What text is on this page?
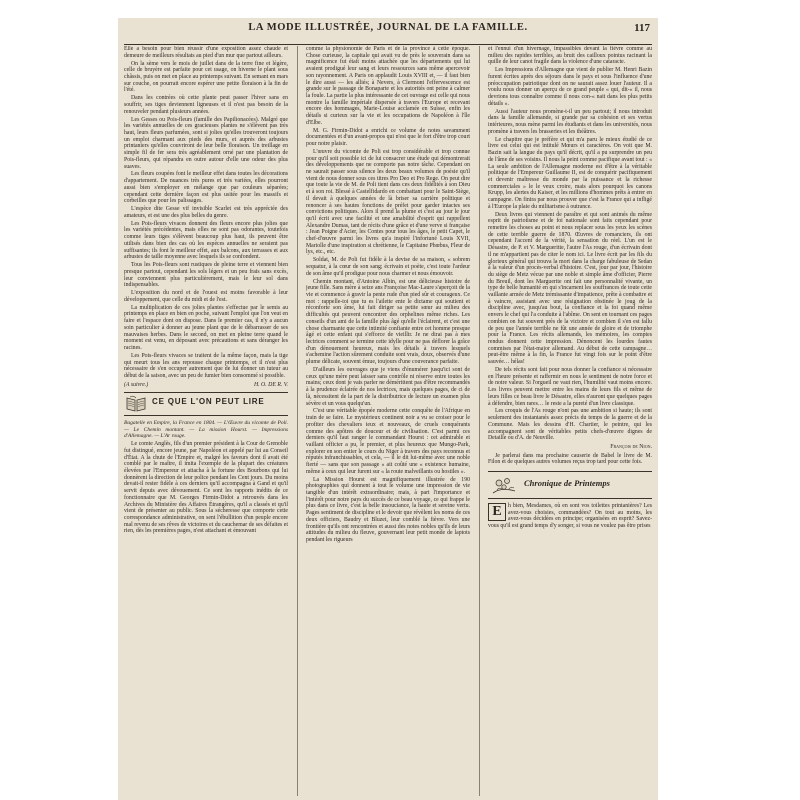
LA MODE ILLUSTRÉE, JOURNAL DE LA FAMILLE.	117

Elle a besoin pour bien réussir d'une exposition assez chaude et demeure de meilleurs résultats au pied d'un mur que partout ailleurs.

On la sème vers le mois de juillet dans de la terre fine et légère, celle de bruyère est parfaite pour cet usage, on hiverne le plant sous châssis, puis on met en place au printemps suivant. En semant en mars sur couche, on pourrait encore espérer une petite floraison à la fin de l'été.

Dans les contrées où cette plante peut passer l'hiver sans en souffrir, ses tiges deviennent ligneuses et il n'est pas besoin de la renouveler pendant plusieurs années.

Les Gesses ou Pois-fleurs (famille des Papilionacées). Malgré que les variétés annuelles de ces gracieuses plantes ne s'élèvent pas très haut, leurs fleurs parfumées, sont si jolies qu'elles trouveront toujours un emploi charmant aux pieds des murs, et auprès des arbustes printaniers qu'elles couvriront de leur belle floraison. Un treillage en simple fil de fer sera très agréablement orné par une plantation de Pois-fleurs, qui répandra en outre autour d'elle une odeur des plus suaves.

Les fleurs coupées font le meilleur effet dans toutes les décorations d'appartement. De nuances très pures et très variées, elles pourront aussi bien s'employer en mélange que par couleurs séparées; cependant cette dernière façon est plus usitée pour les massifs et corbeilles que pour les palissages.

L'espèce dite Gesse vif invisible Scarlet est très appréciée des amateurs, et est une des plus belles du genre.

Les Pois-fleurs vivaces donnent des fleurs encore plus jolies que les variétés précédentes, mais elles ne sont pas odorantes, toutefois comme leurs tiges s'élèvent beaucoup plus haut, ils peuvent être utilisés dans bien des cas où les espèces annuelles ne seraient pas suffisantes; ils font le meilleur effet, aux balcons, aux terrasses et aux arbustes de taille moyenne avec lesquels ils se confondent.

Tous les Pois-fleurs sont rustiques de pleine terre et viennent bien presque partout, cependant les sols légers et un peu frais sans excès, leur conviennent plus particulièrement, mais le leur sol dans indispensables.

L'exposition du nord et de l'ouest est moins favorable à leur développement, que celle du midi et de l'est.

La multiplication de ces jolies plantes s'effectue par le semis au printemps en place en bien en poche, suivant l'emploi que l'on veut en faire et l'espace dont on dispose. Dans le premier cas, il n'y a aucun soin particulier à donner au jeune plant que de le débarrasser de ses mauvaises herbes. Dans le second, on met en pleine terre quand le moment est venu, en déposant avec précautions et sans déranger les racines.

Les Pois-fleurs vivaces se traitent de la même façon, mais la tige qui meurt tous les ans repousse chaque printemps, et il n'est plus nécessaire de s'en occuper autrement que de lui donner un tuteur au début de la saison, avec un peu de fumier bien consommé si possible.

(A suivre.)	H. O. DE R. V.
CE QUE L'ON PEUT LIRE
Bagatelle en Empire, la France en 1804. — L'Œuvre du vicomte de Poli. — Le Chemin montant. — La mission Hourst. — Impressions d'Allemagne. — L'Ar rouge.

Le comte Anglès, fils d'un premier président à la Cour de Grenoble fut distingué, encore jeune, par Napoléon et appelé par lui au Conseil d'État. A la chute de l'Empire et, malgré les faveurs dont il avait été comblé par le maître, il imita l'exemple de la plupart des créatures élevées par l'Empereur et attacha à la fortune des Bourbons qui lui donnèrent la direction de leur police pendant les Cent jours. Du moins devait-il rester fidèle à ces derniers qu'il accompagna à Gand et qu'il servit depuis avec dévouement. Ce sont les rapports inédits de ce fonctionnaire que M. Georges Firmin-Didot a retrouvés dans les Archives du Ministère des Affaires Étrangères, qu'il a classés et qu'il vient de présenter au public. Sous la sécheresse que comporte cette correspondance administrative, on sent l'ébullition d'un peuple encore mal revenu de ses rêves de victoires et du cauchemar de ses défaites et rien, dès les premières pages, n'est attachant et émouvant

comme la physionomie de Paris et de la province à cette époque. Chose curieuse, la capitale qui avait vu de près le souverain dans sa magnificence fut était moins attachée que les départements qui lui avaient prodigué leur sang et leurs ressources sans même apercevoir son rayonnement. A Paris on applaudit Louis XVIII et, — il faut bien le dire aussi — les alliés; à Nevers, à Clermont l'effervescence est grande sur le passage de Bonaparte et les autorités ont peine à calmer la foule. La partie la plus intéressante de cet ouvrage est celle qui nous montre la famille impériale dispersée à travers l'Europe et recevant encore des hommages, Marie-Louise acclamée en Suisse, enfin les détails si curieux sur la vie et les occupations de Napoléon à l'île d'Elbe.

M. G. Firmin-Didot a enrichi ce volume de notes savamment documentées et d'un avant-propos qui n'est que le fort d'être trop court pour notre plaisir.

L'œuvre du vicomte de Poli est trop considérable et trop connue pour qu'il soit possible ici de lui consacrer une étude qui démontrerait des développements que ne comporte pas notre tâche. Cependant on ne saurait passer sous silence les deux beaux volumes de poésie qu'il vient de nous donner sous ces titres Pro Deo et Pro Rege. On peut dire que toute la vie de M. de Poli tient dans ces deux fidélités à son Dieu et à son roi. Blessé à Castelfidardo en combattant pour le Saint-Siège, il devait à quelques années de là briser sa carrière politique et renoncer à ses hautes fonctions de préfet pour garder intactes ses convictions politiques. Alors il prend la plume et c'est au jour le jour qu'il écrit avec une facilité et une amabilité d'esprit qui rappellent Alexandre Dumas, tant de récits d'une grâce et d'une verve si française : Jean Poigne d'Acier, les Contes pour tous les âges, le petit Capet, le chef-d'œuvre parmi les livres qu'a inspiré l'infortuné Louis XVII, Mariolle d'une inspiration si chrétienne, le Capitaine Phœbus, Fleur de lys, etc., etc.

Soldat, M. de Poli fut fidèle à la devise de sa maison, « sobrem sequatur, à la cœur de son sang; écrivain et poète, c'est toute l'ardeur de son âme qu'il prodigue pour nous charmer et nous émouvoir.

Chemin montant, d'Antoine Albin, est une délicieuse histoire de jeune fille. Sans mère à seize ans Françoise Mac-Laure s'aperçoit de la vie et commence à gravir la pente rude d'un pied sûr et courageux. Ce mot : rappelle-toi que tu es l'ailette ente le dictame qui soutient et réconforte son âme, lui fait diriger sa petite sœur au milieu des difficultés qui peuvent rencontrer des orphelines même riches. Les conseils d'un ami de la famille plus âgé qu'elle l'éclairent, et c'est une chose charmante que cette intimité confiante entre cet homme presque âgé et cette enfant qui s'efforce de vieillir. Je ne dirai pas à mes lectrices comment se termine cette idylle pour ne pas déflorer la grâce d'un dénouement heureux, mais les détails à travers lesquels s'achemine l'action sûrement conduite sont vrais, doux, observés d'une plume délicate, souvent émue, toujours d'une couverance parfaite.

D'ailleurs les ouvrages que je viens d'énumérer jusqu'ici sont de ceux qu'une mère peut laisser sans contrôle ni réserve entre toutes les mains; ceux dont je vais parler ne démérittent pas d'être recommandés à la prudence éclairée de nos lectrices, mais quelques pages, de ci de là, nécessitent de la part de la distributrice de lecture un examen plus sévère et un vous quelqu'un.

C'est une véritable épopée moderne cette conquête de l'Afrique en train de se faire. Le mystérieux continent noir a vu se croiser pour le profiter des chevaliers ieux et nouveaux, de cruels conquérants comme des apôtres de douceur et de civilisation. C'est parmi ces derniers qu'il faut ranger le commandant Hourst : cet admirable et vaillant officier a pu, le premier, et plus heureux que Mungo-Park, explorer en son entier le cours du Niger à travers des pays reconnus et réputés infranchissables, et cela, — il le dit lui-même avec une noble fierté — sans que son passage « ait coûté une « existence humaine, même à ceux qui leur furent sur « la route malveillants ou hostiles ».

La Mission Hourst est magnifiquement illustrée de 190 photographies qui donnent à tout le volume une impression de vie tangible d'un intérêt extraordinaire; mais, à part l'importance et l'intérêt pour notre pays du succès de ce beau voyage, ce qui frappe le plus dans ce livre, c'est la belle insouciance, la haute et sereine vertu. Pages sentiment de discipline et le devoir que révèlent les noms de ces deux officiers, Baudry et Bluzet, leur comblé la fièvre. Vers une frontière qu'ils ont rencontrées et aussi des notes nobles qu'ils de leurs attitudes du milieu du fleuve, gouvernant leur petit monde de laptots pendant les rigueurs

et l'ennui d'un hivernage, impassibles devant la fièvre comme au milieu des rapides terribles, au bruit des cailloux pointus racinant la quille de leur canot fragile dans la violence d'une cataracte.

Les Impressions d'Allemagne que vient de publier M. Henri Bazin furent écrites après des séjours dans le pays et sous l'influence d'une préoccupation patriotique dont on ne saurait assez louer l'auteur. Il a voulu nous donner un aperçu de ce grand peuple « qui, dit-« il, nous devrions tous connaître comme il nous con-« nait dans les plus petits détails ».

Aussi l'auteur nous promène-t-il un peu partout; il nous introduit dans la famille allemande, si grande par sa cohésion et ses vertus intérieures, nous mène parmi les étudiants et dans les universités, nous promène à travers les brasseries et les théâtres.

Le chapitre que je préfère et qui m'a paru le mieux étudié de ce livre est celui qui est intitulé Mœurs et caractères. On voit que M. Bazin sait la langue du pays qu'il décrit, qu'il a pu surprendre un peu de l'âme de ses voisins. Il nous la peint comme pacifique avant tout : « La seule ambition de l'Allemagne moderne est d'être à la véritable politique de l'Empereur Guillaume II, est de conquérir pacifiquement et devenir maîtresse du monde par la puissance et la richesse commerciales » le le veux croire, mais alors pourquoi les canons Krupp, les alertes du Kaiser, et les millions d'hommes prêts à entrer en campagne. On finira par nous prouver que c'est la France qui a infligé à l'Europe la plaie du militarisme à outrance.

Deux livres qui viennent de paraître et qui sont animés du même esprit de patriotisme et de foi nationale sont faits cependant pour remettre les choses au point et nous replacer sous les yeux les scènes de cette terrible guerre de 1870. Œuvres de romanciers, ils ont cependant l'accent de la vérité, la sensation du réel. L'un est le Désastre, de P. et V. Margueritte, l'autre l'As rouge, d'un écrivain dont il ne m'appartient pas de citer le nom ici. Le livre écrit par les fils du glorieux général qui trouva la mort dans la charge fabuleuse de Sedan à la valeur d'un procès-verbal d'histoire. C'est, jour par jour, l'histoire du siège de Metz vécue par une noble et simple âme d'officier, Pierre du Breuil, dont les Marguerite ont fait une personnalité vivante, un type de belle humanité en qui s'incarnent les souffrances de toute cette vaillante armée de Metz trémissante d'impatience, prête à combattre et à vaincre, assistant avec une résignation obstinée le joug de la discipline avec, jusqu'au bout, la confiance et la foi quand même envers le chef qui l'a conduite à l'abîme. On sent en tournant ces pages combien on fut souvent près de la victoire et combien il s'en est fallu de peu que l'année terrible ne fût une année de gloire et de triomphe pour la France. Les récits allemands, les mémoires, les comptes rendus donnent cette impression. Dénoncent les lourdes fautes commises par l'état-major allemand. Au début de cette campagne… peut-être même à la fin, la France fut vingt fois sur le point d'être sauvée… hélas!

De tels récits sont fait pour nous donner la confiance si nécessaire en l'heure présente et raffermir en nous le sentiment de notre force et de notre valeur. Si l'orgueil ne vaut rien, l'humilité vaut moins encore. Les livres peuvent mettre entre les mains de leurs fils et même de leurs filles ce beau livre le Désastre, elles n'auront que quelques pages à défendre, bien rares… le reste a la pureté d'un livre classique.

Les croquis de l'As rouge n'ont pas une ambition si haute; ils sont seulement des instantanés assez précis du temps de la guerre et de la Commune. Mais les dessins d'H. Chartier, le peintre, qui les accompagnent sont de véritables petits chefs-d'œuvre dignes de Detaille ou d'A. de Neuville.

François de Nion.

Je parlerai dans ma prochaine causerie de Babel le livre de M. Filon et de quelques autres volumes reçus trop tard pour cette fois.

Chronique de Printemps

E	h bien, Mesdames, où en sont vos toilettes printanières? Les avez-vous choisies, commandées? On tout au moins, les avez-vous décidées en principe; organisées en esprit? Savez-vous qu'il est grand temps d'y songer, si vous ne voulez pas être prises
